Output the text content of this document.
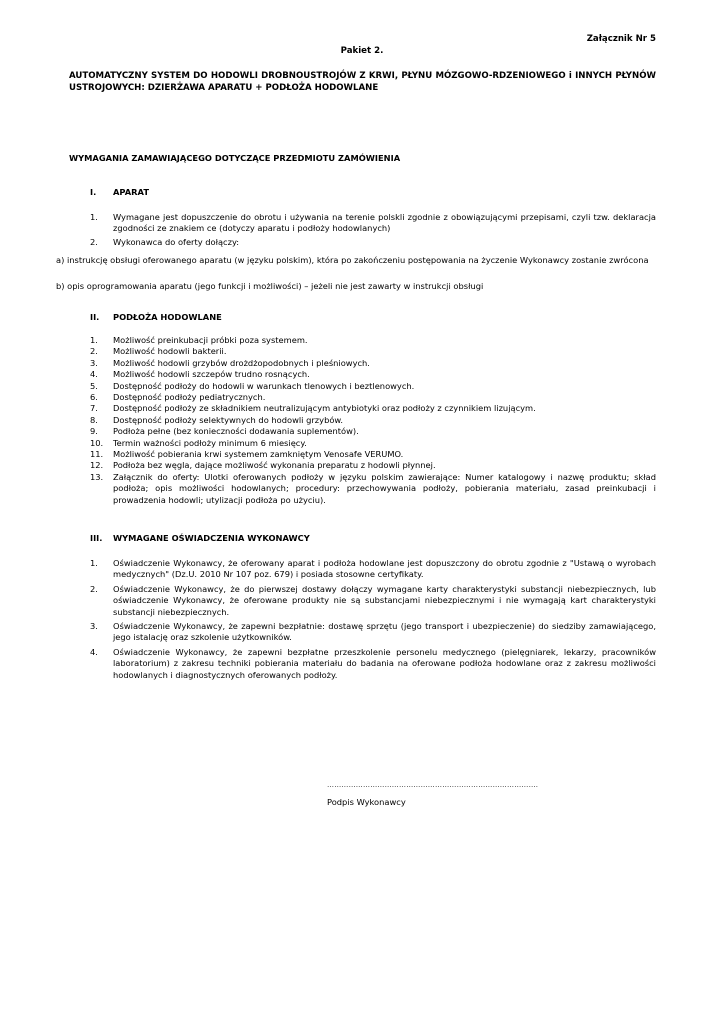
Załącznik Nr 5
Pakiet 2.
AUTOMATYCZNY SYSTEM DO HODOWLI DROBNOUSTROJÓW Z KRWI, PŁYNU MÓZGOWO-RDZENIOWEGO i INNYCH PŁYNÓW USTROJOWYCH: DZIERŻAWA APARATU + PODŁOŻA HODOWLANE
WYMAGANIA ZAMAWIAJĄCEGO DOTYCZĄCE PRZEDMIOTU ZAMÓWIENIA
I. APARAT
1. Wymagane jest dopuszczenie do obrotu i używania na terenie polskli zgodnie z obowiązującymi przepisami, czyli tzw. deklaracja zgodności ze znakiem ce (dotyczy aparatu i podłoży hodowlanych)
2. Wykonawca do oferty dołączy:
a) instrukcję obsługi oferowanego aparatu (w języku polskim), która po zakończeniu postępowania na życzenie Wykonawcy zostanie zwrócona
b) opis oprogramowania aparatu (jego funkcji i możliwości) – jeżeli nie jest zawarty w instrukcji obsługi
II. PODŁOŻA HODOWLANE
1. Możliwość preinkubacji próbki poza systemem.
2. Możliwość hodowli bakterii.
3. Możliwość hodowli grzybów drożdżopodobnych i pleśniowych.
4. Możliwość hodowli szczepów trudno rosnących.
5. Dostępność podłoży do hodowli w warunkach tlenowych i beztlenowych.
6. Dostępność podłoży pediatrycznych.
7. Dostępność podłoży ze składnikiem neutralizującym antybiotyki oraz podłoży z czynnikiem lizującym.
8. Dostępność podłoży selektywnych do hodowli grzybów.
9. Podłoża pełne (bez konieczności dodawania suplementów).
10. Termin ważności podłoży minimum 6 miesięcy.
11. Możliwość pobierania krwi systemem zamkniętym Venosafe VERUMO.
12. Podłoża bez węgla, dające możliwość wykonania preparatu z hodowli płynnej.
13. Załącznik do oferty: Ulotki oferowanych podłoży w języku polskim zawierające: Numer katalogowy i nazwę produktu; skład podłoża; opis możliwości hodowlanych; procedury: przechowywania podłoży, pobierania materiału, zasad preinkubacji i prowadzenia hodowli; utylizacji podłoża po użyciu).
III. WYMAGANE OŚWIADCZENIA WYKONAWCY
1. Oświadczenie Wykonawcy, że oferowany aparat i podłoża hodowlane jest dopuszczony do obrotu zgodnie z "Ustawą o wyrobach medycznych" (Dz.U. 2010 Nr 107 poz. 679) i posiada stosowne certyfikaty.
2. Oświadczenie Wykonawcy, że do pierwszej dostawy dołączy wymagane karty charakterystyki substancji niebezpiecznych, lub oświadczenie Wykonawcy, że oferowane produkty nie są substancjami niebezpiecznymi i nie wymagają kart charakterystyki substancji niebezpiecznych.
3. Oświadczenie Wykonawcy, że zapewni bezpłatnie: dostawę sprzętu (jego transport i ubezpieczenie) do siedziby zamawiającego, jego istalację oraz szkolenie użytkowników.
4. Oświadczenie Wykonawcy, że zapewni bezpłatne przeszkolenie personelu medycznego (pielęgniarek, lekarzy, pracowników laboratorium) z zakresu techniki pobierania materiału do badania na oferowane podłoża hodowlane oraz z zakresu możliwości hodowlanych i diagnostycznych oferowanych podłoży.
…………………………………………………………………………….
Podpis Wykonawcy
